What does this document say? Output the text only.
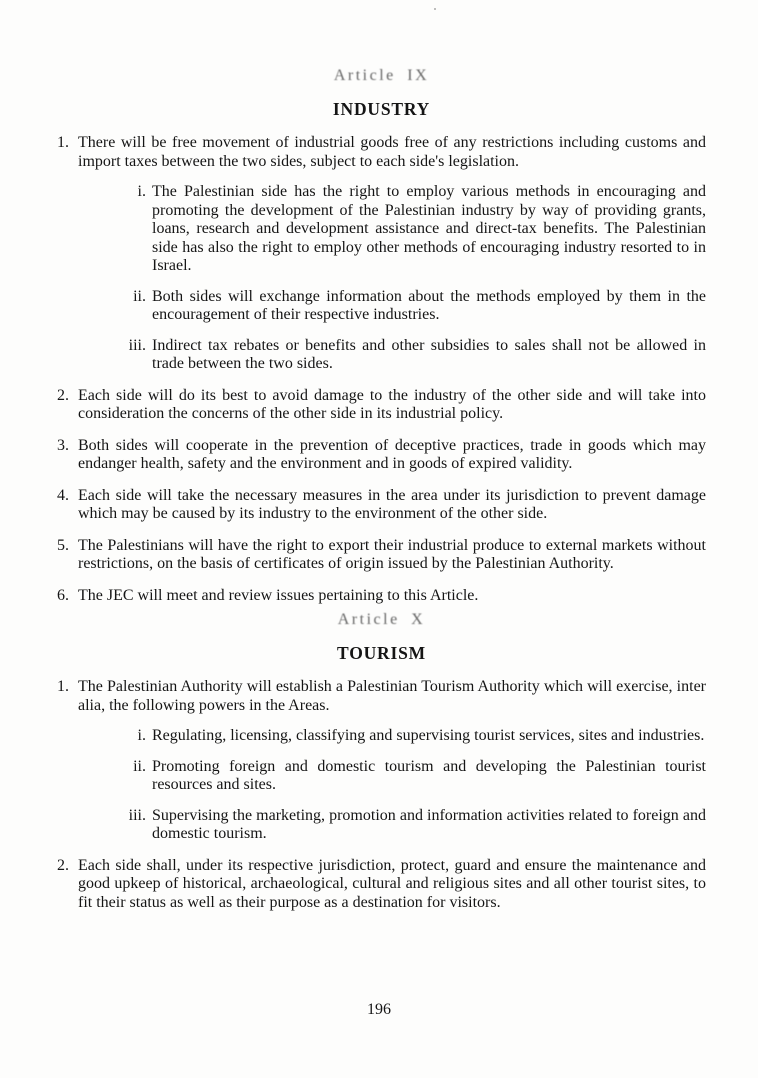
Article IX
INDUSTRY
1. There will be free movement of industrial goods free of any restrictions including customs and import taxes between the two sides, subject to each side's legislation.
i. The Palestinian side has the right to employ various methods in encouraging and promoting the development of the Palestinian industry by way of providing grants, loans, research and development assistance and direct-tax benefits. The Palestinian side has also the right to employ other methods of encouraging industry resorted to in Israel.
ii. Both sides will exchange information about the methods employed by them in the encouragement of their respective industries.
iii. Indirect tax rebates or benefits and other subsidies to sales shall not be allowed in trade between the two sides.
2. Each side will do its best to avoid damage to the industry of the other side and will take into consideration the concerns of the other side in its industrial policy.
3. Both sides will cooperate in the prevention of deceptive practices, trade in goods which may endanger health, safety and the environment and in goods of expired validity.
4. Each side will take the necessary measures in the area under its jurisdiction to prevent damage which may be caused by its industry to the environment of the other side.
5. The Palestinians will have the right to export their industrial produce to external markets without restrictions, on the basis of certificates of origin issued by the Palestinian Authority.
6. The JEC will meet and review issues pertaining to this Article.
Article X
TOURISM
1. The Palestinian Authority will establish a Palestinian Tourism Authority which will exercise, inter alia, the following powers in the Areas.
i. Regulating, licensing, classifying and supervising tourist services, sites and industries.
ii. Promoting foreign and domestic tourism and developing the Palestinian tourist resources and sites.
iii. Supervising the marketing, promotion and information activities related to foreign and domestic tourism.
2. Each side shall, under its respective jurisdiction, protect, guard and ensure the maintenance and good upkeep of historical, archaeological, cultural and religious sites and all other tourist sites, to fit their status as well as their purpose as a destination for visitors.
196
